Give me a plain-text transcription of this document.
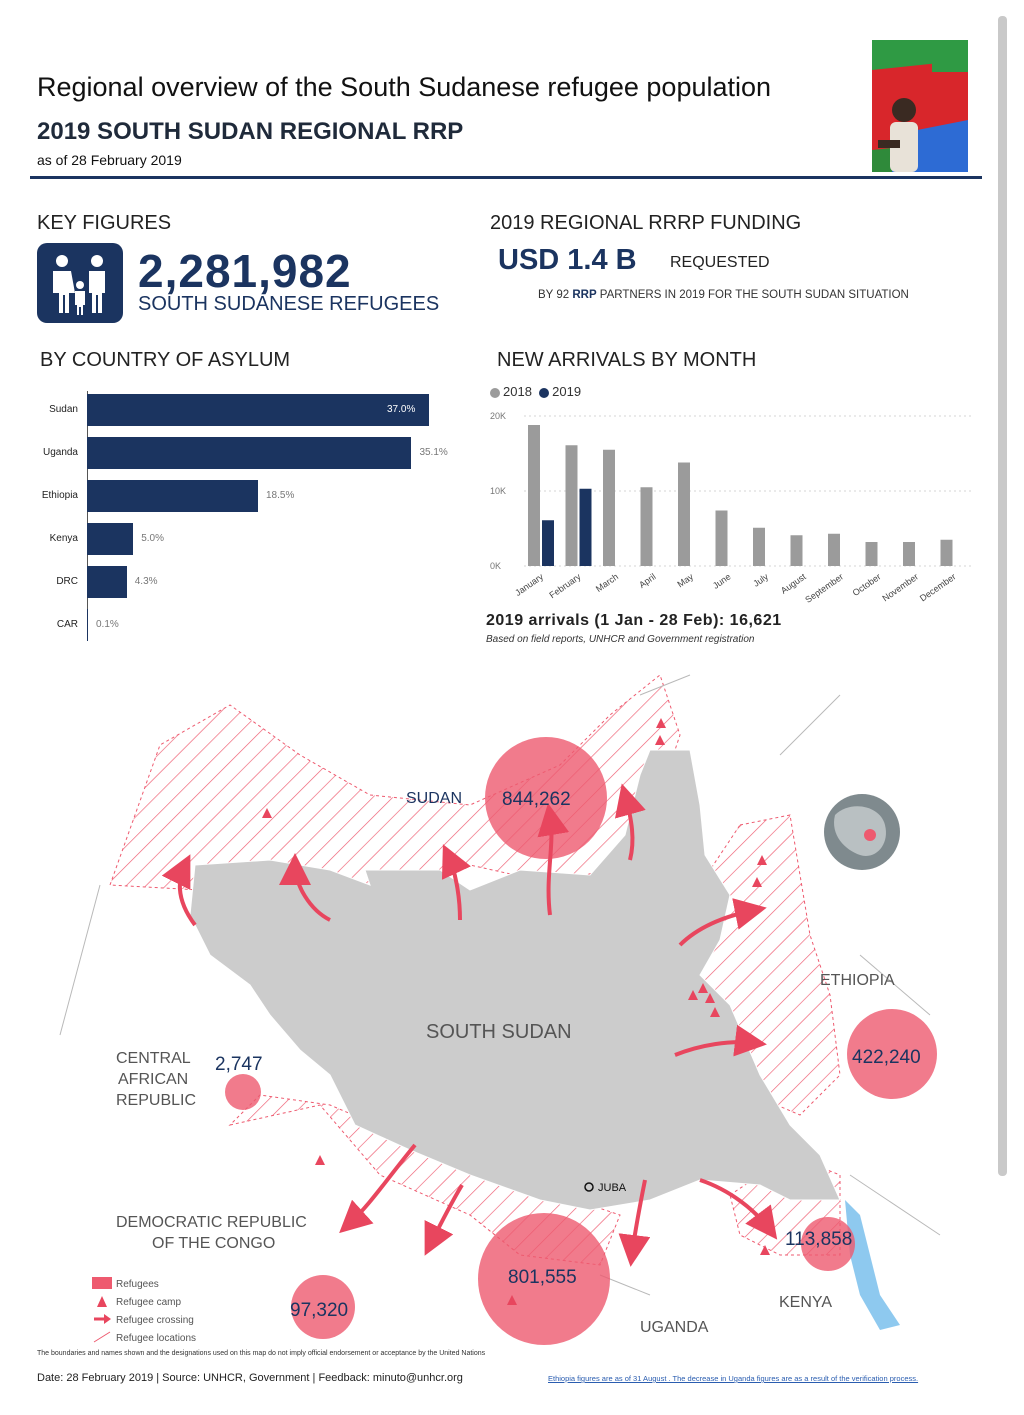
Regional overview of the South Sudanese refugee population
2019 SOUTH SUDAN REGIONAL RRP
as of 28 February 2019
KEY FIGURES
2,281,982
SOUTH SUDANESE REFUGEES
2019 REGIONAL RRRP FUNDING
USD 1.4 B REQUESTED
BY 92 RRP PARTNERS IN 2019 FOR THE SOUTH SUDAN SITUATION
BY COUNTRY OF ASYLUM
Sudan	37.0%
Uganda	35.1%
Ethiopia	18.5%
Kenya	5.0%
DRC	4.3%
CAR 0.1%
NEW ARRIVALS BY MONTH
2018 2019
0K
10K
20K
January February March April May June July August
September October
November
December
2019 arrivals (1 Jan - 28 Feb): 16,621
Based on field reports, UNHCR and Government registration
SUDAN
SOUTH SUDAN
ETHIOPIA
KENYA
UGANDA
CENTRAL
AFRICAN
REPUBLIC
DEMOCRATIC REPUBLIC
OF THE CONGO
844,262
422,240
801,555
113,858
97,320
2,747
JUBA
Refugees
Refugee camp
Refugee crossing
Refugee locations
The boundaries and names shown and the designations used on this map do not imply official endorsement or acceptance by the United Nations
Date: 28 February 2019 | Source: UNHCR, Government | Feedback: minuto@unhcr.org	Ethiopia figures are as of 31 August . The decrease in Uganda figures are as a result of the verification process.
